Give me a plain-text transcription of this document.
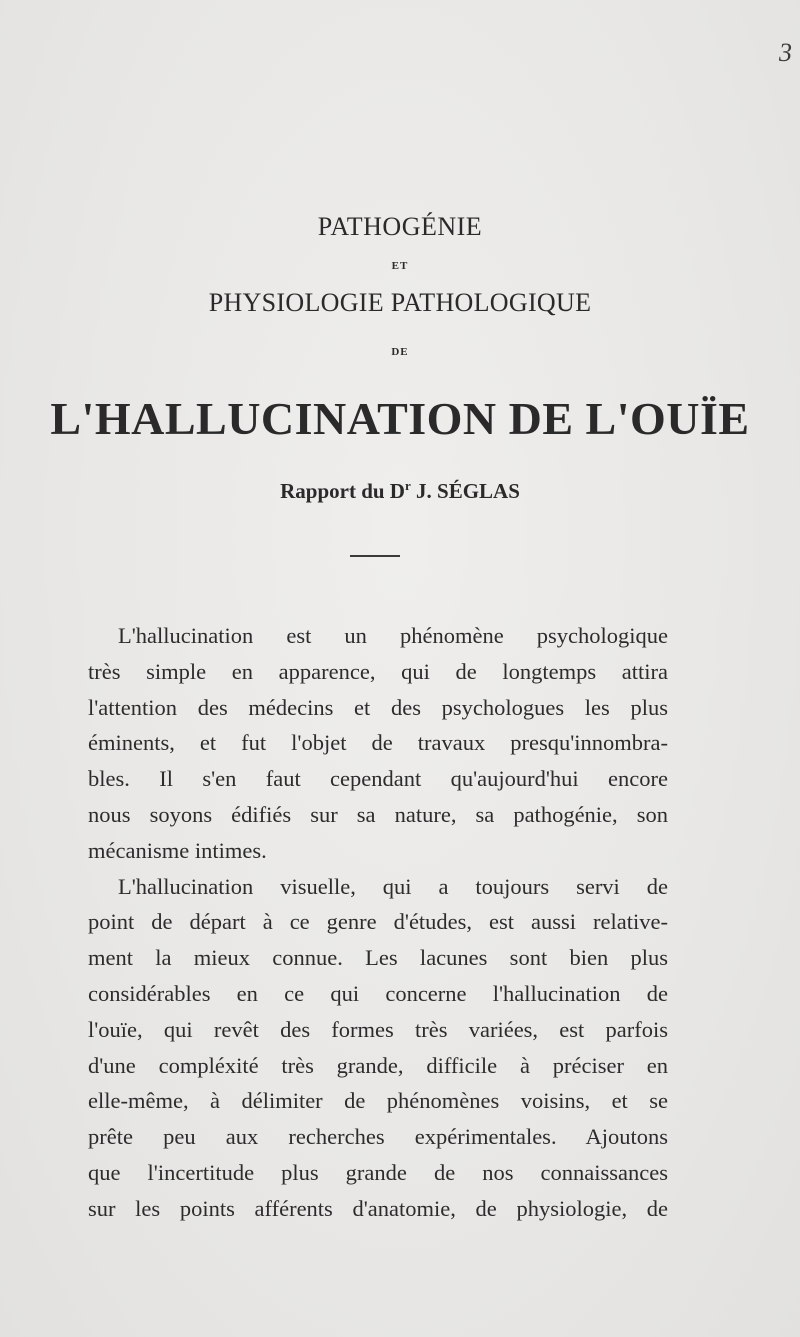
3
PATHOGÉNIE
ET
PHYSIOLOGIE PATHOLOGIQUE
DE
L'HALLUCINATION DE L'OUÏE
Rapport du $D^r$ J. SÉGLAS

L'hallucination est un phénomène psychologique
très simple en apparence, qui de longtemps attira
l'attention des médecins et des psychologues les plus
éminents, et fut l'objet de travaux presqu'innombra-
bles. Il s'en faut cependant qu'aujourd'hui encore
nous soyons édifiés sur sa nature, sa pathogénie, son
mécanisme intimes.

L'hallucination visuelle, qui a toujours servi de
point de départ à ce genre d'études, est aussi relative-
ment la mieux connue. Les lacunes sont bien plus
considérables en ce qui concerne l'hallucination de
l'ouïe, qui revêt des formes très variées, est parfois
d'une compléxité très grande, difficile à préciser en
elle-même, à délimiter de phénomènes voisins, et se
prête peu aux recherches expérimentales. Ajoutons
que l'incertitude plus grande de nos connaissances
sur les points afférents d'anatomie, de physiologie, de
